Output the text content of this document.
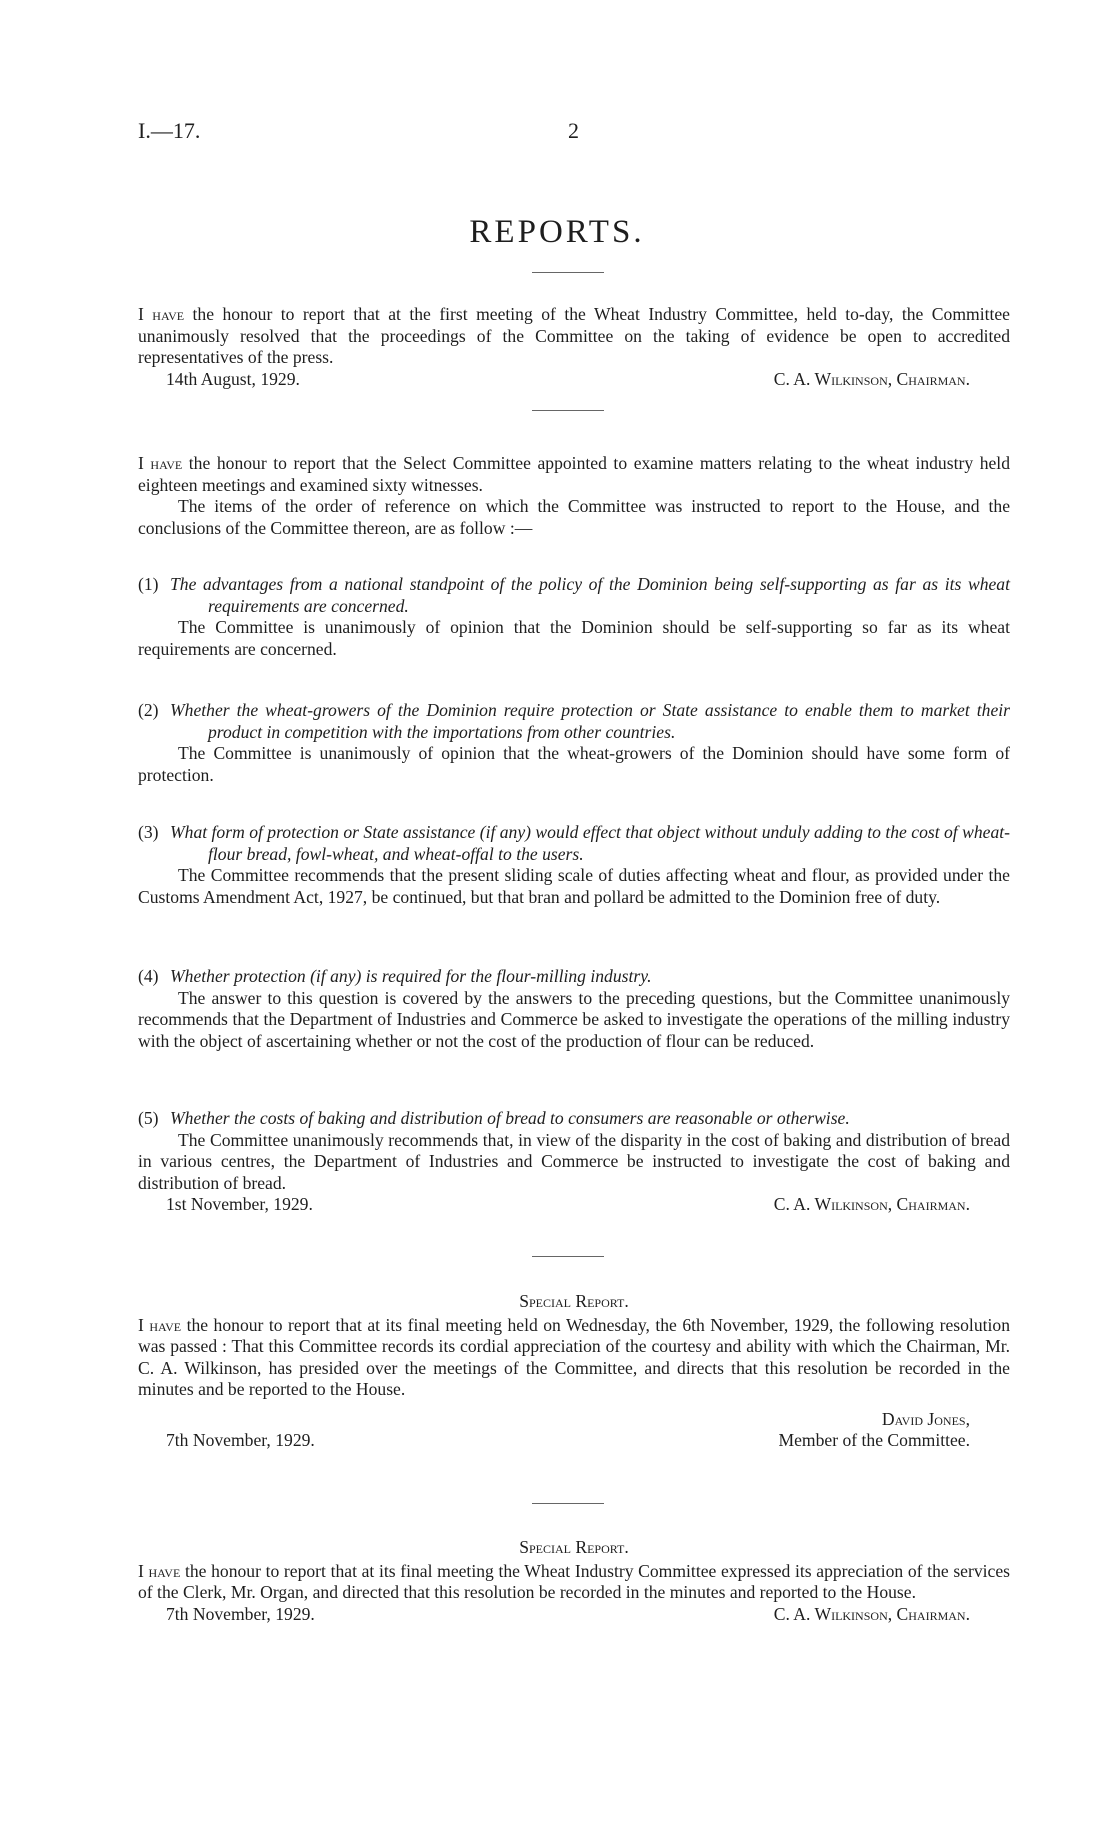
I.—17.	2
REPORTS.

I have the honour to report that at the first meeting of the Wheat Industry Committee, held to-day, the Committee unanimously resolved that the proceedings of the Committee on the taking of evidence be open to accredited representatives of the press.

14th August, 1929.	C. A. Wilkinson, Chairman.

I have the honour to report that the Select Committee appointed to examine matters relating to the wheat industry held eighteen meetings and examined sixty witnesses.

The items of the order of reference on which the Committee was instructed to report to the House, and the conclusions of the Committee thereon, are as follow :—

(1) The advantages from a national standpoint of the policy of the Dominion being self-supporting as far as its wheat requirements are concerned.

The Committee is unanimously of opinion that the Dominion should be self-supporting so far as its wheat requirements are concerned.

(2) Whether the wheat-growers of the Dominion require protection or State assistance to enable them to market their product in competition with the importations from other countries.

The Committee is unanimously of opinion that the wheat-growers of the Dominion should have some form of protection.

(3) What form of protection or State assistance (if any) would effect that object without unduly adding to the cost of wheat-flour bread, fowl-wheat, and wheat-offal to the users.

The Committee recommends that the present sliding scale of duties affecting wheat and flour, as provided under the Customs Amendment Act, 1927, be continued, but that bran and pollard be admitted to the Dominion free of duty.

(4) Whether protection (if any) is required for the flour-milling industry.

The answer to this question is covered by the answers to the preceding questions, but the Committee unanimously recommends that the Department of Industries and Commerce be asked to investigate the operations of the milling industry with the object of ascertaining whether or not the cost of the production of flour can be reduced.

(5) Whether the costs of baking and distribution of bread to consumers are reasonable or otherwise.

The Committee unanimously recommends that, in view of the disparity in the cost of baking and distribution of bread in various centres, the Department of Industries and Commerce be instructed to investigate the cost of baking and distribution of bread.

1st November, 1929.	C. A. Wilkinson, Chairman.
Special Report.

I have the honour to report that at its final meeting held on Wednesday, the 6th November, 1929, the following resolution was passed : That this Committee records its cordial appreciation of the courtesy and ability with which the Chairman, Mr. C. A. Wilkinson, has presided over the meetings of the Committee, and directs that this resolution be recorded in the minutes and be reported to the House.

David Jones,
7th November, 1929.	Member of the Committee.
Special Report.

I have the honour to report that at its final meeting the Wheat Industry Committee expressed its appreciation of the services of the Clerk, Mr. Organ, and directed that this resolution be recorded in the minutes and reported to the House.

7th November, 1929.	C. A. Wilkinson, Chairman.
